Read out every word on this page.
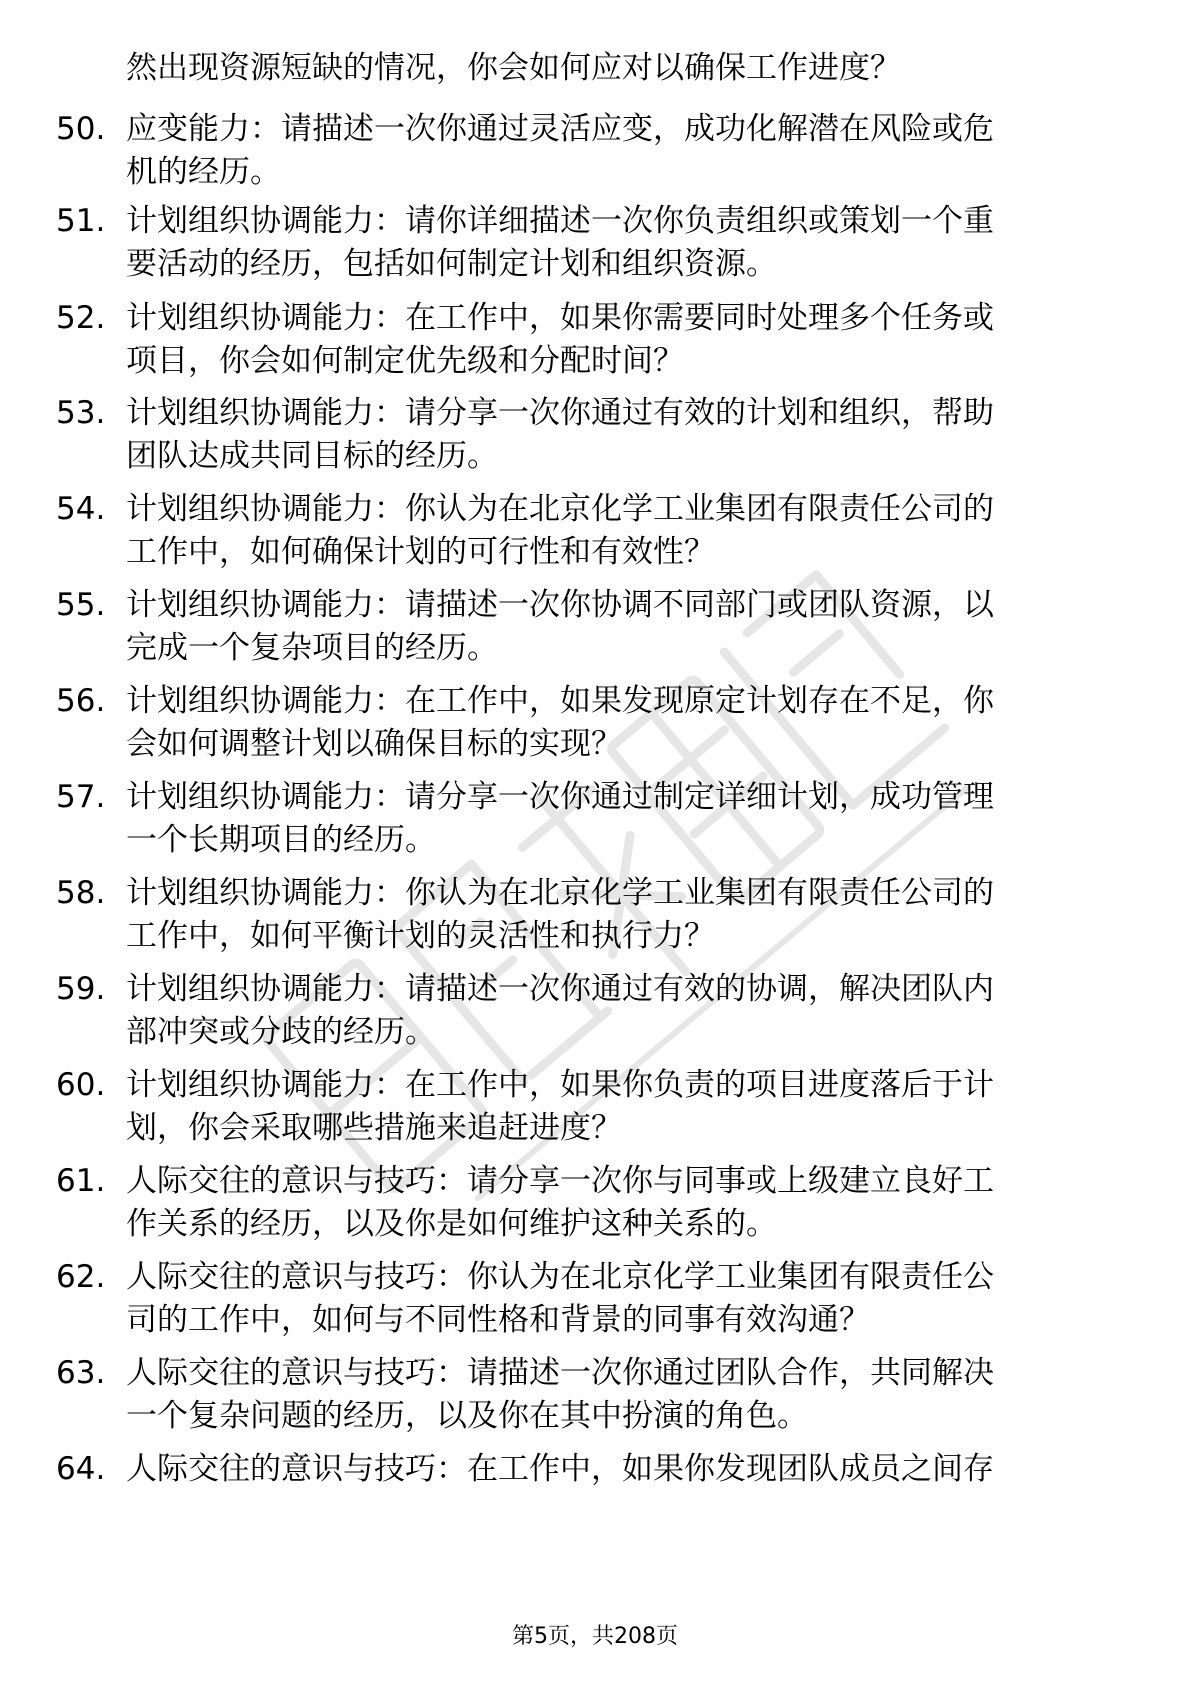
然出现资源短缺的情况，你会如何应对以确保工作进度？
50. 应变能力：请描述一次你通过灵活应变，成功化解潜在风险或危
机的经历。
51. 计划组织协调能力：请你详细描述一次你负责组织或策划一个重
要活动的经历，包括如何制定计划和组织资源。
52. 计划组织协调能力：在工作中，如果你需要同时处理多个任务或
项目，你会如何制定优先级和分配时间？
53. 计划组织协调能力：请分享一次你通过有效的计划和组织，帮助
团队达成共同目标的经历。
54. 计划组织协调能力：你认为在北京化学工业集团有限责任公司的
工作中，如何确保计划的可行性和有效性？
55. 计划组织协调能力：请描述一次你协调不同部门或团队资源，以
完成一个复杂项目的经历。
56. 计划组织协调能力：在工作中，如果发现原定计划存在不足，你
会如何调整计划以确保目标的实现？
57. 计划组织协调能力：请分享一次你通过制定详细计划，成功管理
一个长期项目的经历。
58. 计划组织协调能力：你认为在北京化学工业集团有限责任公司的
工作中，如何平衡计划的灵活性和执行力？
59. 计划组织协调能力：请描述一次你通过有效的协调，解决团队内
部冲突或分歧的经历。
60. 计划组织协调能力：在工作中，如果你负责的项目进度落后于计
划，你会采取哪些措施来追赶进度？
61. 人际交往的意识与技巧：请分享一次你与同事或上级建立良好工
作关系的经历，以及你是如何维护这种关系的。
62. 人际交往的意识与技巧：你认为在北京化学工业集团有限责任公
司的工作中，如何与不同性格和背景的同事有效沟通？
63. 人际交往的意识与技巧：请描述一次你通过团队合作，共同解决
一个复杂问题的经历，以及你在其中扮演的角色。
64. 人际交往的意识与技巧：在工作中，如果你发现团队成员之间存
第5页，共208页
